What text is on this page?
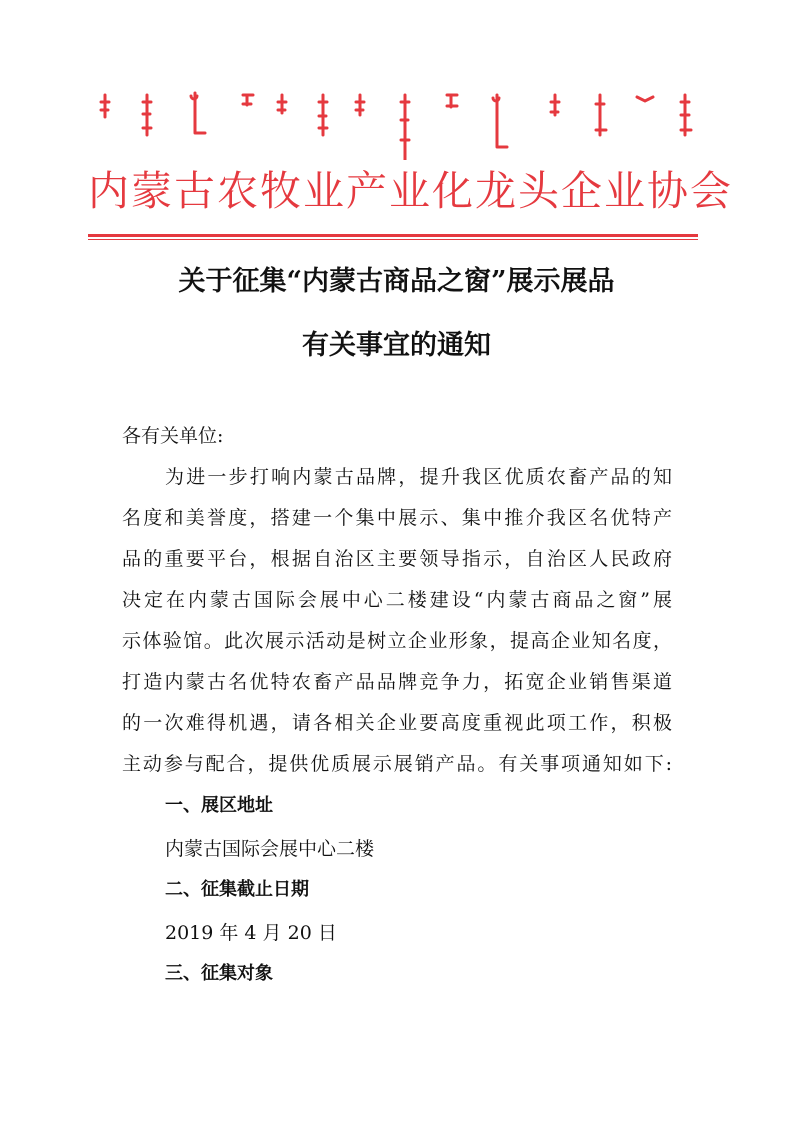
内蒙古农牧业产业化龙头企业协会
关于征集“内蒙古商品之窗”展示展品
有关事宜的通知
各有关单位:
为进一步打响内蒙古品牌，提升我区优质农畜产品的知
名度和美誉度，搭建一个集中展示、集中推介我区名优特产
品的重要平台，根据自治区主要领导指示，自治区人民政府
决定在内蒙古国际会展中心二楼建设“内蒙古商品之窗”展
示体验馆。此次展示活动是树立企业形象，提高企业知名度，
打造内蒙古名优特农畜产品品牌竞争力，拓宽企业销售渠道
的一次难得机遇，请各相关企业要高度重视此项工作，积极
主动参与配合，提供优质展示展销产品。有关事项通知如下:
一、展区地址
内蒙古国际会展中心二楼
二、征集截止日期
2019 年 4 月 20 日
三、征集对象
